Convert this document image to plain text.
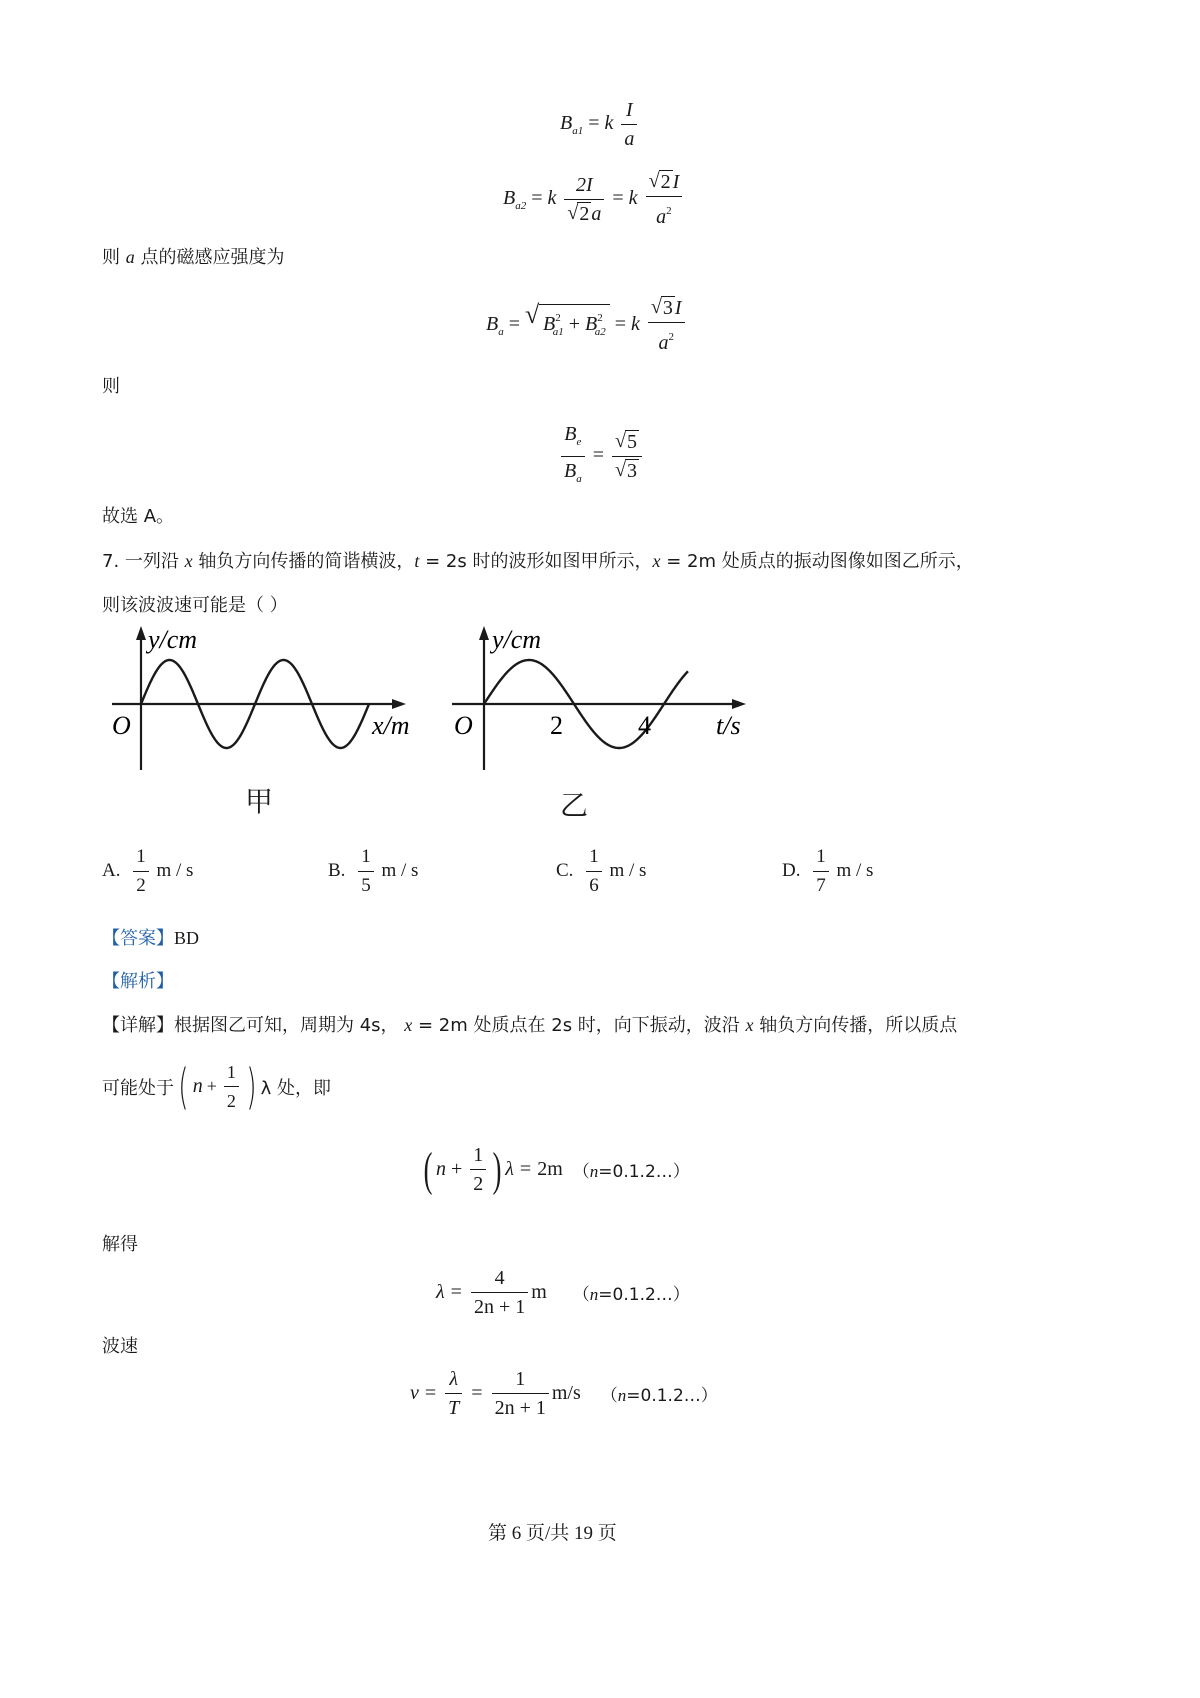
$B_{a1} = k \frac{I}{a}$
$B_{a2} = k \frac{2I}{√ 2 a} = k \frac{√ 2 I}{a^2}$
则 a 点的磁感应强度为
$B_a$ = √ $B^2_{a1} + B^2_{a2} = k \frac{√ 3 I}{a^2}$
则
$\frac{B_e}{B_a} = \frac{√ 5}{√ 3}$
故选 A。
7. 一列沿 x 轴负方向传播的简谐横波，t = 2s 时的波形如图甲所示，x = 2m 处质点的振动图像如图乙所示，
则该波波速可能是（ ）
y/cm
O	x/m
甲
y/cm
O	2	4	t/s
乙
A. $\frac{1}{2}$ m / s	B. $\frac{1}{5}$ m / s	C. $\frac{1}{6}$ m / s	D. $\frac{1}{7}$ m / s
【答案】BD
【解析】
【详解】根据图乙可知，周期为 4s， x = 2m 处质点在 2s 时，向下振动，波沿 x 轴负方向传播，所以质点
可能处于 ( $n + \frac{1}{2}$ ) λ 处，即
( $n + \frac{1}{2}$ ) λ = 2m （n=0.1.2…）
解得
$\lambda = \frac{4}{2n + 1}$ m （n=0.1.2…）
波速
$v = \frac{\lambda}{T} = \frac{1}{2n + 1} m/s$ （n=0.1.2…）
第 6 页/共 19 页
